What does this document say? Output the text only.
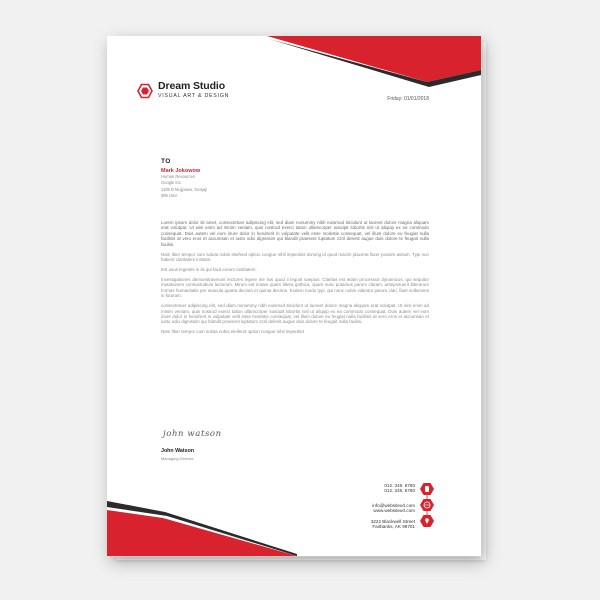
Dream Studio
VISUAL ART & DESIGN	Friday: 01/01/2018
TO
Mark Jokowow
Human Resources
Google Inc.
1105 D Mujjoswo, Genjaji
089 USA

Lorem ipsum dolor sit amet, consectetuer adipiscing elit, sed diam nonummy nibh euismod tincidunt ut laoreet dolore magna aliquam erat volutpat. Ut wisi enim ad minim veniam, quis nostrud exerci tation ullamcorper suscipit lobortis nisl ut aliquip ex ea commodo consequat. Duis autem vel eum iriure dolor in hendrerit in vulputate velit esse molestie consequat, vel illum dolore eu feugiat nulla facilisis at vero eros et accumsan et iusto odio dignissim qui blandit praesent luptatum zzril delenit augue duis dolore te feugait nulla facilisi.

Nam liber tempor cum soluta nobis eleifend option congue nihil imperdiet doming id quod mazim placerat facer possim assum. Typi non habent claritatem insitam.

Est usus legentis in iis qui facit eorum claritatem.

Investigationes demonstraverunt lectores legere me lius quod ii legunt saepius. Claritas est etiam processus dynamicus, qui sequitur mutationem consuetudium lectorum. Mirum est notare quam littera gothica, quam nunc putamus parum claram, anteposuerit litterarum formas humanitatis per seacula quarta decima et quinta decima. Eodem modo typi, qui nunc nobis videntur parum clari, fiant sollemnes in futurum.

consectetuer adipiscing elit, sed diam nonummy nibh euismod tincidunt ut laoreet dolore magna aliquam erat volutpat. Ut wisi enim ad minim veniam, quis nostrud exerci tation ullamcorper suscipit lobortis nisl ut aliquip ex ea commodo consequat. Duis autem vel eum iriure dolor in hendrerit in vulputate velit esse molestie consequat, vel illum dolore eu feugiat nulla facilisis at vero eros et accumsan et iusto odio dignissim qui blandit praesent luptatum zzril delenit augue duis dolore te feugait nulla facilisi.

Nam liber tempor cum soluta nobis eleifend option congue nihil imperdiet

john watson
John Watson
Managing Director
012. 345. 6780
012. 345. 6780
info@websiteurl.com
www.websiteurl.com
3222 Blackwell Street
Fairbanks, AK 99701
